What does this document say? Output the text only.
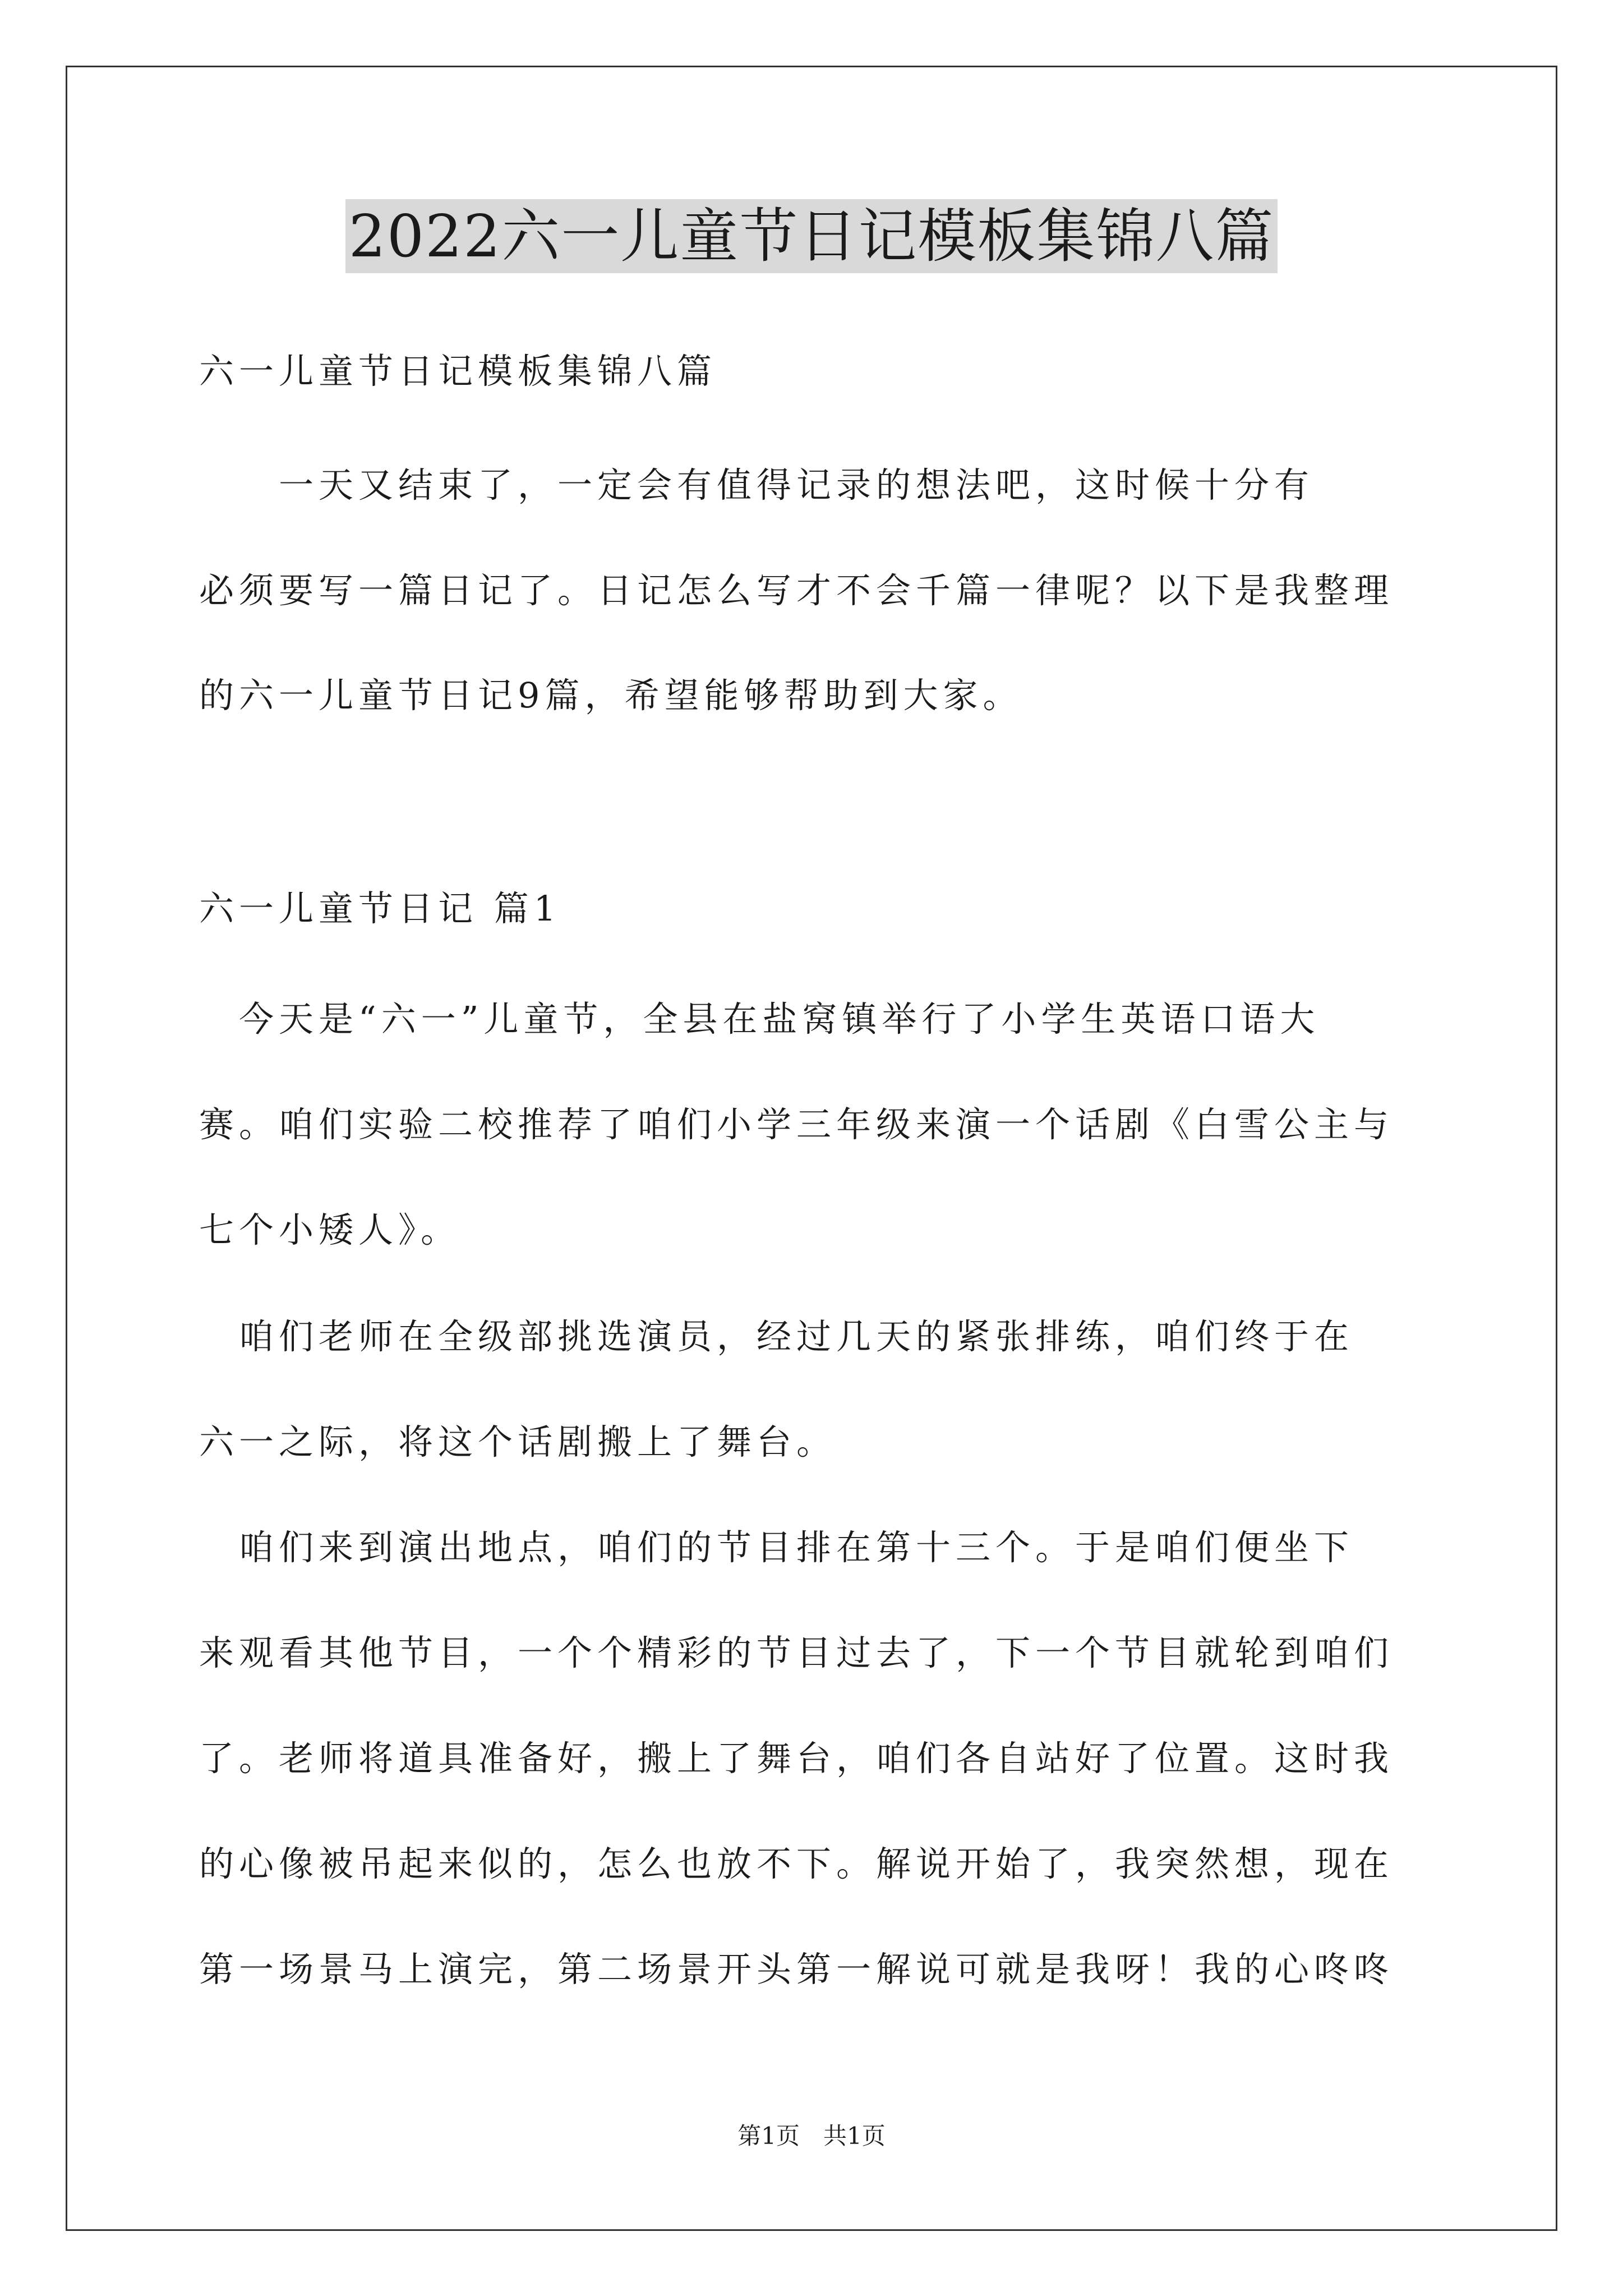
2022六一儿童节日记模板集锦八篇
六一儿童节日记模板集锦八篇
　　一天又结束了，一定会有值得记录的想法吧，这时候十分有
必须要写一篇日记了。日记怎么写才不会千篇一律呢？以下是我整理
的六一儿童节日记9篇，希望能够帮助到大家。
六一儿童节日记 篇1
　今天是“六一”儿童节，全县在盐窝镇举行了小学生英语口语大
赛。咱们实验二校推荐了咱们小学三年级来演一个话剧《白雪公主与
七个小矮人》。
　咱们老师在全级部挑选演员，经过几天的紧张排练，咱们终于在
六一之际，将这个话剧搬上了舞台。
　咱们来到演出地点，咱们的节目排在第十三个。于是咱们便坐下
来观看其他节目，一个个精彩的节目过去了，下一个节目就轮到咱们
了。老师将道具准备好，搬上了舞台，咱们各自站好了位置。这时我
的心像被吊起来似的，怎么也放不下。解说开始了，我突然想，现在
第一场景马上演完，第二场景开头第一解说可就是我呀！我的心咚咚
第1页　共1页
